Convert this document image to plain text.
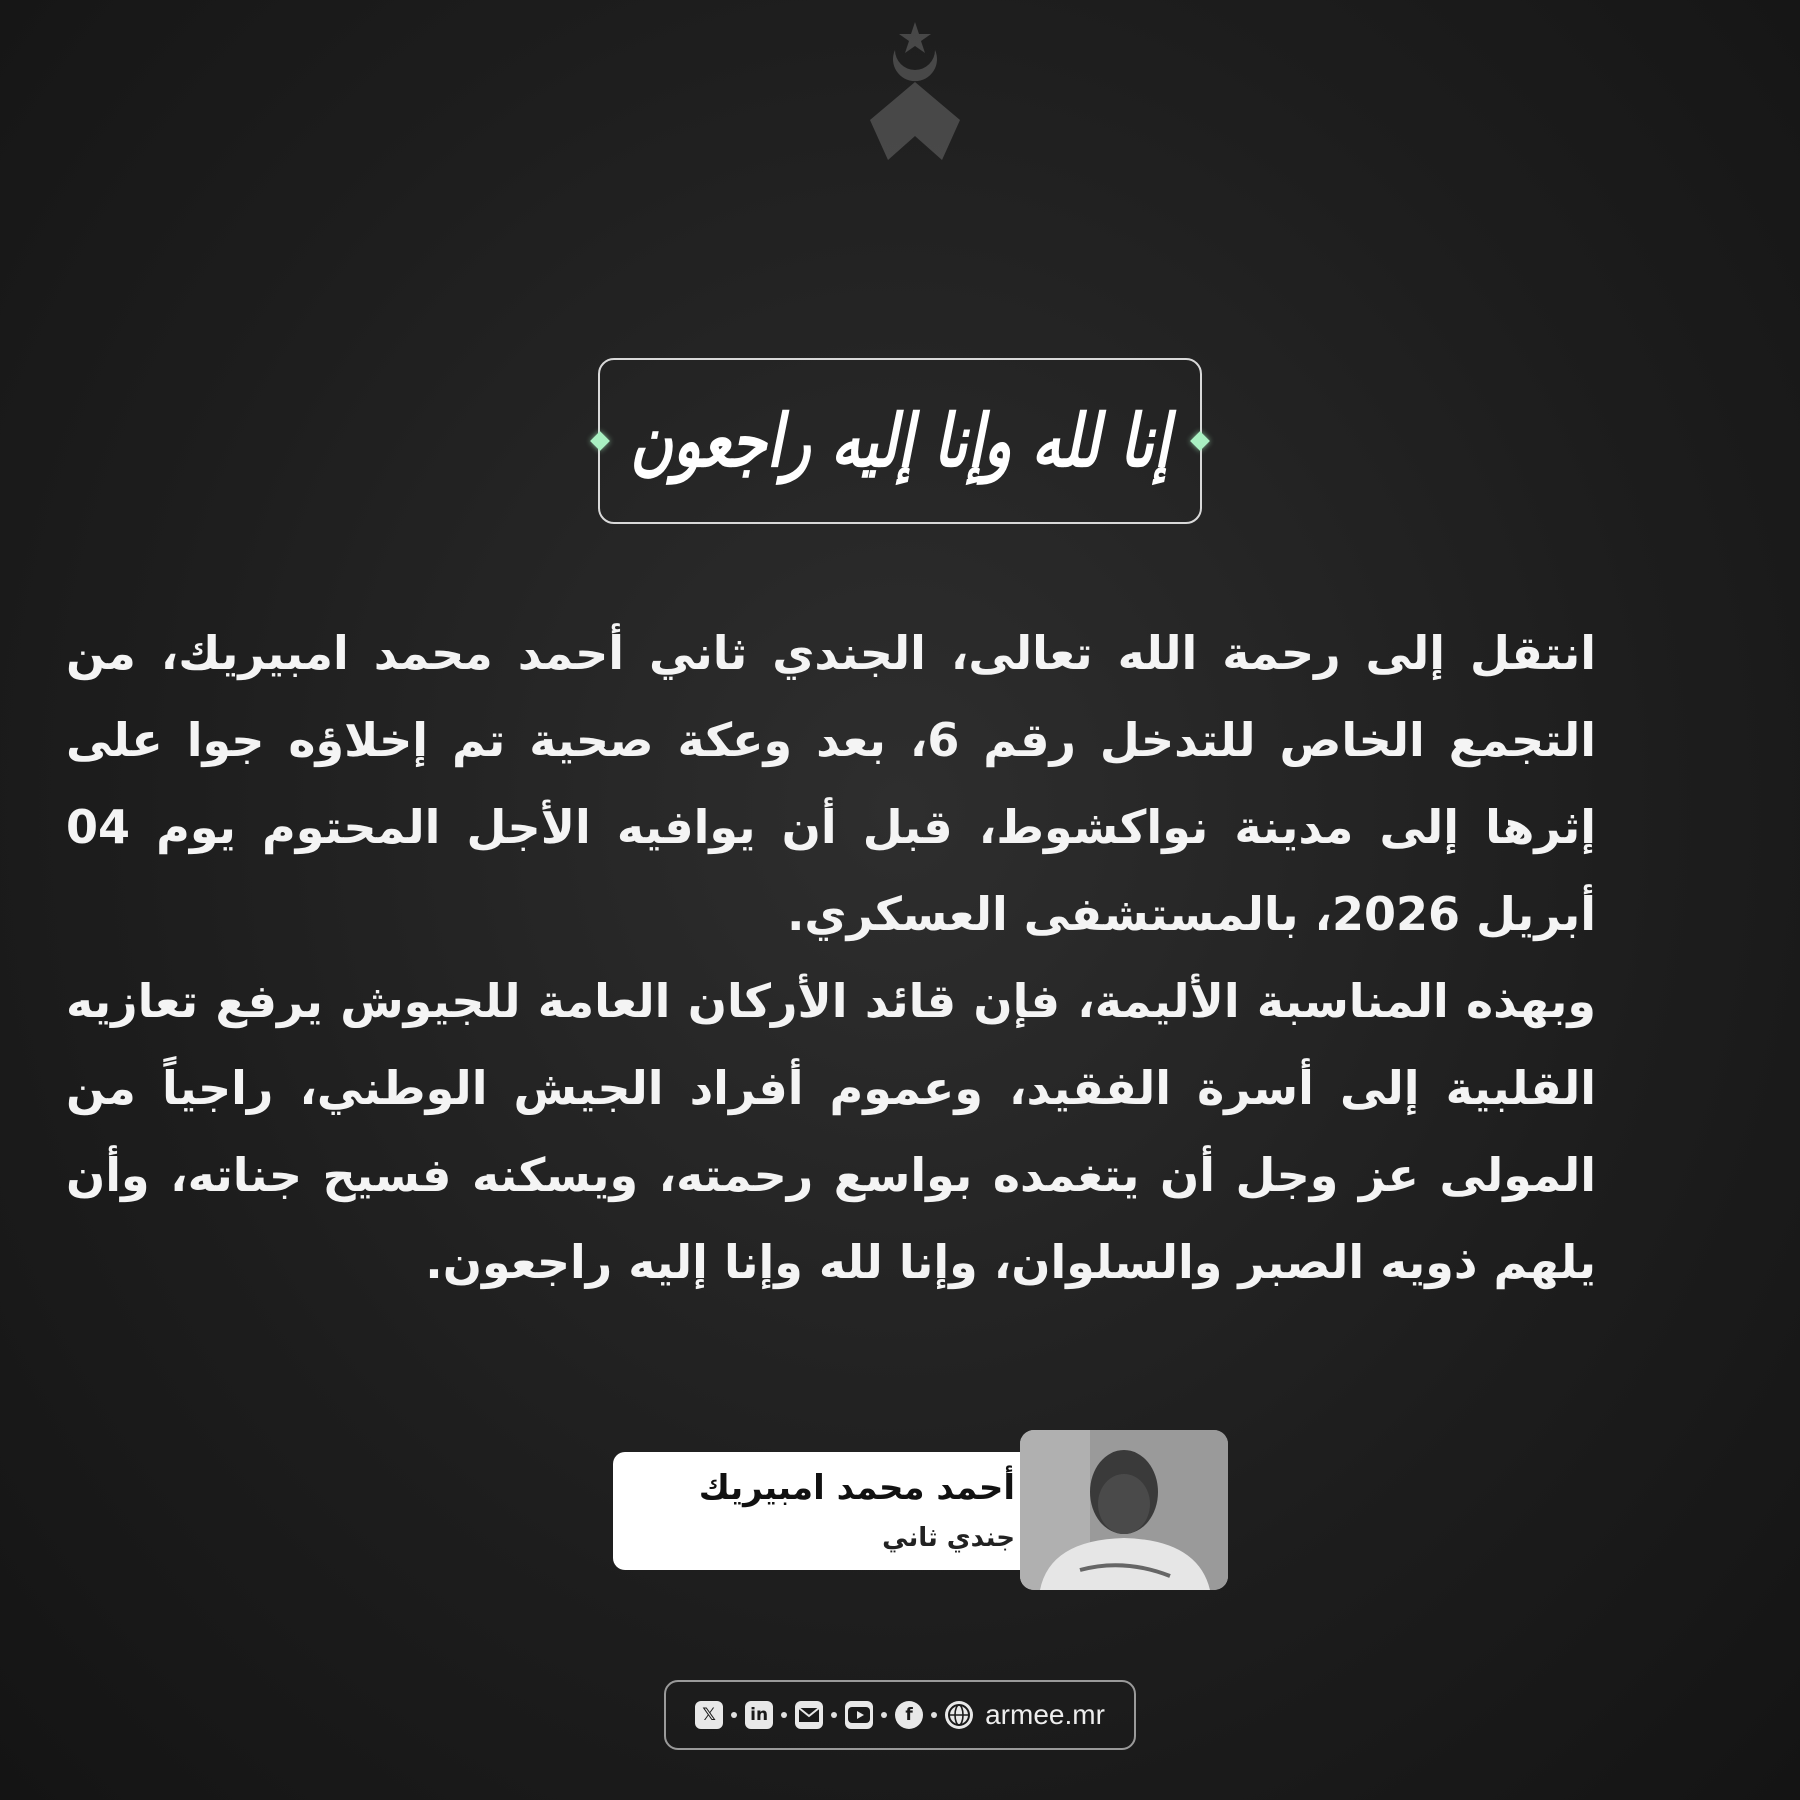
إنا لله وإنا إليه راجعون

انتقل إلى رحمة الله تعالى، الجندي ثاني أحمد محمد امبيريك، من التجمع الخاص للتدخل رقم 6، بعد وعكة صحية تم إخلاؤه جوا على إثرها إلى مدينة نواكشوط، قبل أن يوافيه الأجل المحتوم يوم 04 أبريل 2026، بالمستشفى العسكري.

وبهذه المناسبة الأليمة، فإن قائد الأركان العامة للجيوش يرفع تعازيه القلبية إلى أسرة الفقيد، وعموم أفراد الجيش الوطني، راجياً من المولى عز وجل أن يتغمده بواسع رحمته، ويسكنه فسيح جناته، وأن يلهم ذويه الصبر والسلوان، وإنا لله وإنا إليه راجعون.

أحمد محمد امبيريك
جندي ثاني
𝕏	in	f	armee.mr
